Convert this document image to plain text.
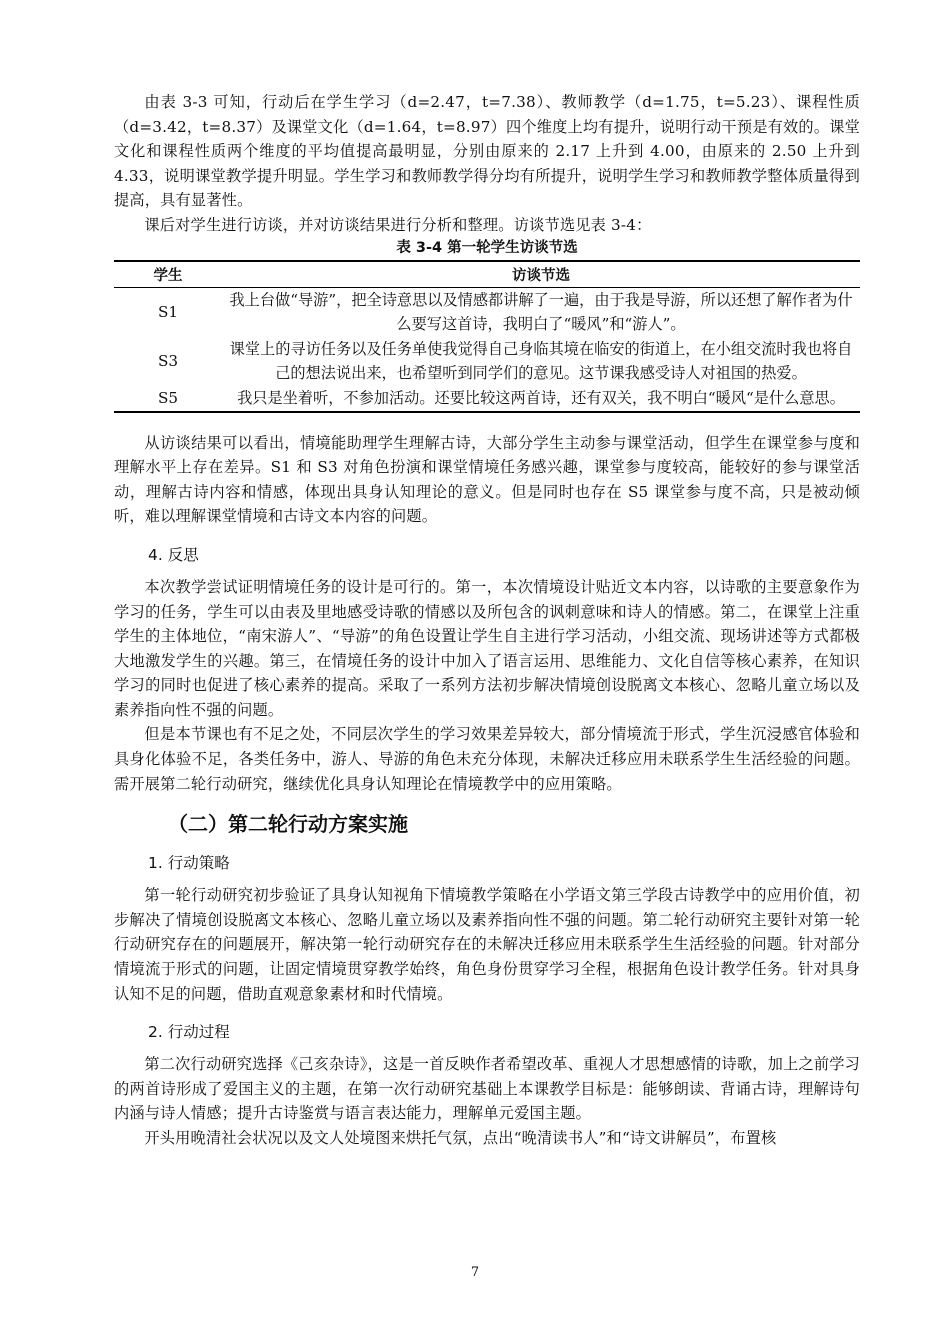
由表 3-3 可知，行动后在学生学习（d=2.47，t=7.38）、教师教学（d=1.75，t=5.23）、课程性质（d=3.42，t=8.37）及课堂文化（d=1.64，t=8.97）四个维度上均有提升，说明行动干预是有效的。课堂文化和课程性质两个维度的平均值提高最明显，分别由原来的 2.17 上升到 4.00，由原来的 2.50 上升到 4.33，说明课堂教学提升明显。学生学习和教师教学得分均有所提升，说明学生学习和教师教学整体质量得到提高，具有显著性。

课后对学生进行访谈，并对访谈结果进行分析和整理。访谈节选见表 3-4：

表 3-4 第一轮学生访谈节选

学生	访谈节选
S1	我上台做“导游”，把全诗意思以及情感都讲解了一遍，由于我是导游，所以还想了解作者为什么要写这首诗，我明白了“暖风”和“游人”。
S3	课堂上的寻访任务以及任务单使我觉得自己身临其境在临安的街道上，在小组交流时我也将自己的想法说出来，也希望听到同学们的意见。这节课我感受诗人对祖国的热爱。
S5	我只是坐着听，不参加活动。还要比较这两首诗，还有双关，我不明白“暖风“是什么意思。

从访谈结果可以看出，情境能助理学生理解古诗，大部分学生主动参与课堂活动，但学生在课堂参与度和理解水平上存在差异。S1 和 S3 对角色扮演和课堂情境任务感兴趣，课堂参与度较高，能较好的参与课堂活动，理解古诗内容和情感，体现出具身认知理论的意义。但是同时也存在 S5 课堂参与度不高，只是被动倾听，难以理解课堂情境和古诗文本内容的问题。

4. 反思

本次教学尝试证明情境任务的设计是可行的。第一，本次情境设计贴近文本内容，以诗歌的主要意象作为学习的任务，学生可以由表及里地感受诗歌的情感以及所包含的讽刺意味和诗人的情感。第二，在课堂上注重学生的主体地位，“南宋游人”、“导游”的角色设置让学生自主进行学习活动，小组交流、现场讲述等方式都极大地激发学生的兴趣。第三，在情境任务的设计中加入了语言运用、思维能力、文化自信等核心素养，在知识学习的同时也促进了核心素养的提高。采取了一系列方法初步解决情境创设脱离文本核心、忽略儿童立场以及素养指向性不强的问题。

但是本节课也有不足之处，不同层次学生的学习效果差异较大，部分情境流于形式，学生沉浸感官体验和具身化体验不足，各类任务中，游人、导游的角色未充分体现，未解决迁移应用未联系学生生活经验的问题。需开展第二轮行动研究，继续优化具身认知理论在情境教学中的应用策略。

（二）第二轮行动方案实施
1. 行动策略

第一轮行动研究初步验证了具身认知视角下情境教学策略在小学语文第三学段古诗教学中的应用价值，初步解决了情境创设脱离文本核心、忽略儿童立场以及素养指向性不强的问题。第二轮行动研究主要针对第一轮行动研究存在的问题展开，解决第一轮行动研究存在的未解决迁移应用未联系学生生活经验的问题。针对部分情境流于形式的问题，让固定情境贯穿教学始终，角色身份贯穿学习全程，根据角色设计教学任务。针对具身认知不足的问题，借助直观意象素材和时代情境。

2. 行动过程

第二次行动研究选择《己亥杂诗》，这是一首反映作者希望改革、重视人才思想感情的诗歌，加上之前学习的两首诗形成了爱国主义的主题，在第一次行动研究基础上本课教学目标是：能够朗读、背诵古诗，理解诗句内涵与诗人情感；提升古诗鉴赏与语言表达能力，理解单元爱国主题。

开头用晚清社会状况以及文人处境图来烘托气氛，点出“晚清读书人”和“诗文讲解员”，布置核

7
